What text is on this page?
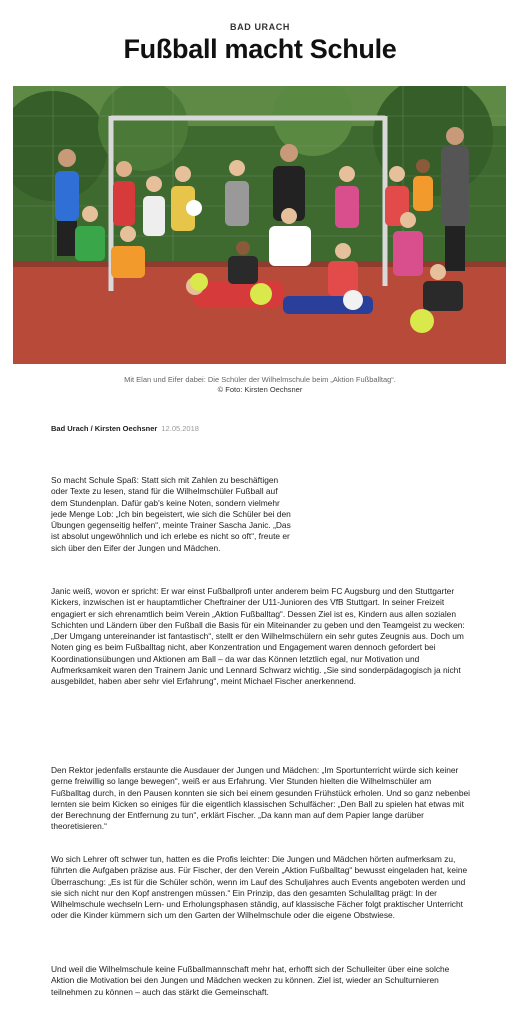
BAD URACH
Fußball macht Schule
Mit Elan und Eifer dabei: Die Schüler der Wilhelmschule beim „Aktion Fußballtag“.
© Foto: Kirsten Oechsner
Bad Urach / Kirsten Oechsner 12.05.2018

So macht Schule Spaß: Statt sich mit Zahlen zu beschäftigen oder Texte zu lesen, stand für die Wilhelmschüler Fußball auf dem Stundenplan. Dafür gab's keine Noten, sondern vielmehr jede Menge Lob: „Ich bin begeistert, wie sich die Schüler bei den Übungen gegenseitig helfen“, meinte Trainer Sascha Janic. „Das ist absolut ungewöhnlich und ich erlebe es nicht so oft“, freute er sich über den Eifer der Jungen und Mädchen.

Janic weiß, wovon er spricht: Er war einst Fußballprofi unter anderem beim FC Augsburg und den Stuttgarter Kickers, inzwischen ist er hauptamtlicher Cheftrainer der U11-Junioren des VfB Stuttgart. In seiner Freizeit engagiert er sich ehrenamtlich beim Verein „Aktion Fußballtag“. Dessen Ziel ist es, Kindern aus allen sozialen Schichten und Ländern über den Fußball die Basis für ein Miteinander zu geben und den Teamgeist zu wecken: „Der Umgang untereinander ist fantastisch“, stellt er den Wilhelmschülern ein sehr gutes Zeugnis aus. Doch um Noten ging es beim Fußballtag nicht, aber Konzentration und Engagement waren dennoch gefordert bei Koordinationsübungen und Aktionen am Ball – da war das Können letztlich egal, nur Motivation und Aufmerksamkeit waren den Trainern Janic und Lennard Schwarz wichtig. „Sie sind sonderpädagogisch ja nicht ausgebildet, haben aber sehr viel Erfahrung“, meint Michael Fischer anerkennend.

Den Rektor jedenfalls erstaunte die Ausdauer der Jungen und Mädchen: „Im Sportunterricht würde sich keiner gerne freiwillig so lange bewegen“, weiß er aus Erfahrung. Vier Stunden hielten die Wilhelmschüler am Fußballtag durch, in den Pausen konnten sie sich bei einem gesunden Frühstück erholen. Und so ganz nebenbei lernten sie beim Kicken so einiges für die eigentlich klassischen Schulfächer: „Den Ball zu spielen hat etwas mit der Berechnung der Entfernung zu tun“, erklärt Fischer. „Da kann man auf dem Papier lange darüber theoretisieren.“

Wo sich Lehrer oft schwer tun, hatten es die Profis leichter: Die Jungen und Mädchen hörten aufmerksam zu, führten die Aufgaben präzise aus. Für Fischer, der den Verein „Aktion Fußballtag“ bewusst eingeladen hat, keine Überraschung: „Es ist für die Schüler schön, wenn im Lauf des Schuljahres auch Events angeboten werden und sie sich nicht nur den Kopf anstrengen müssen.“ Ein Prinzip, das den gesamten Schulalltag prägt: In der Wilhelmschule wechseln Lern- und Erholungsphasen ständig, auf klassische Fächer folgt praktischer Unterricht oder die Kinder kümmern sich um den Garten der Wilhelmschule oder die eigene Obstwiese.

Und weil die Wilhelmschule keine Fußballmannschaft mehr hat, erhofft sich der Schulleiter über eine solche Aktion die Motivation bei den Jungen und Mädchen wecken zu können. Ziel ist, wieder an Schulturnieren teilnehmen zu können – auch das stärkt die Gemeinschaft.
